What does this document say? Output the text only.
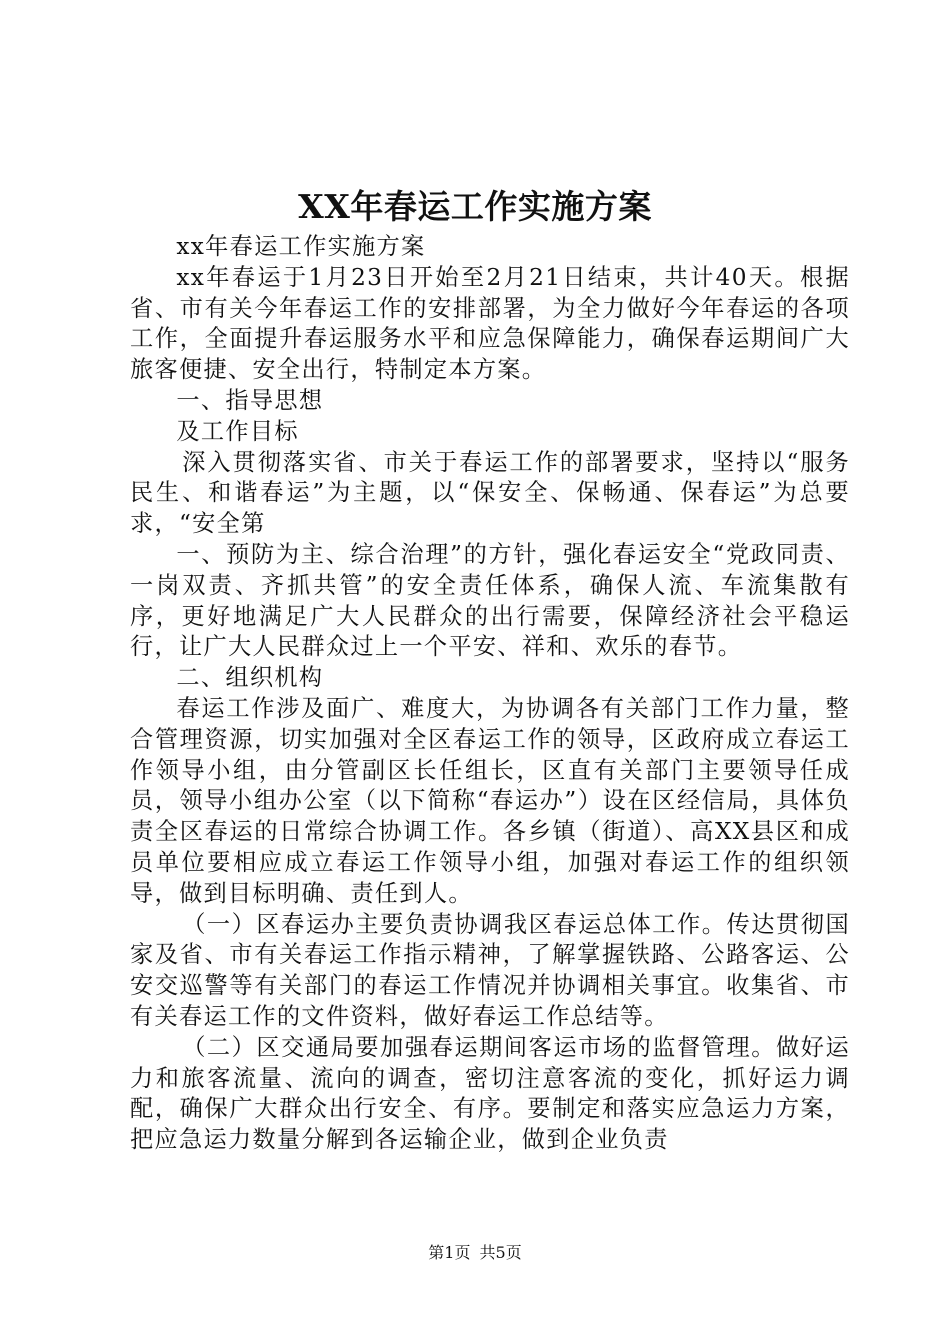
XX年春运工作实施方案

xx年春运工作实施方案

xx年春运于1月23日开始至2月21日结束，共计40天。根据省、市有关今年春运工作的安排部署，为全力做好今年春运的各项工作，全面提升春运服务水平和应急保障能力，确保春运期间广大旅客便捷、安全出行，特制定本方案。

一、指导思想

及工作目标

深入贯彻落实省、市关于春运工作的部署要求，坚持以“服务民生、和谐春运”为主题，以“保安全、保畅通、保春运”为总要求，“安全第

一、预防为主、综合治理”的方针，强化春运安全“党政同责、一岗双责、齐抓共管”的安全责任体系，确保人流、车流集散有序，更好地满足广大人民群众的出行需要，保障经济社会平稳运行，让广大人民群众过上一个平安、祥和、欢乐的春节。

二、组织机构

春运工作涉及面广、难度大，为协调各有关部门工作力量，整合管理资源，切实加强对全区春运工作的领导，区政府成立春运工作领导小组，由分管副区长任组长，区直有关部门主要领导任成员，领导小组办公室（以下简称“春运办”）设在区经信局，具体负责全区春运的日常综合协调工作。各乡镇（街道）、高XX县区和成员单位要相应成立春运工作领导小组，加强对春运工作的组织领导，做到目标明确、责任到人。

（一）区春运办主要负责协调我区春运总体工作。传达贯彻国家及省、市有关春运工作指示精神，了解掌握铁路、公路客运、公安交巡警等有关部门的春运工作情况并协调相关事宜。收集省、市有关春运工作的文件资料，做好春运工作总结等。

（二）区交通局要加强春运期间客运市场的监督管理。做好运力和旅客流量、流向的调查，密切注意客流的变化，抓好运力调配，确保广大群众出行安全、有序。要制定和落实应急运力方案，把应急运力数量分解到各运输企业，做到企业负责

第1页 共5页
